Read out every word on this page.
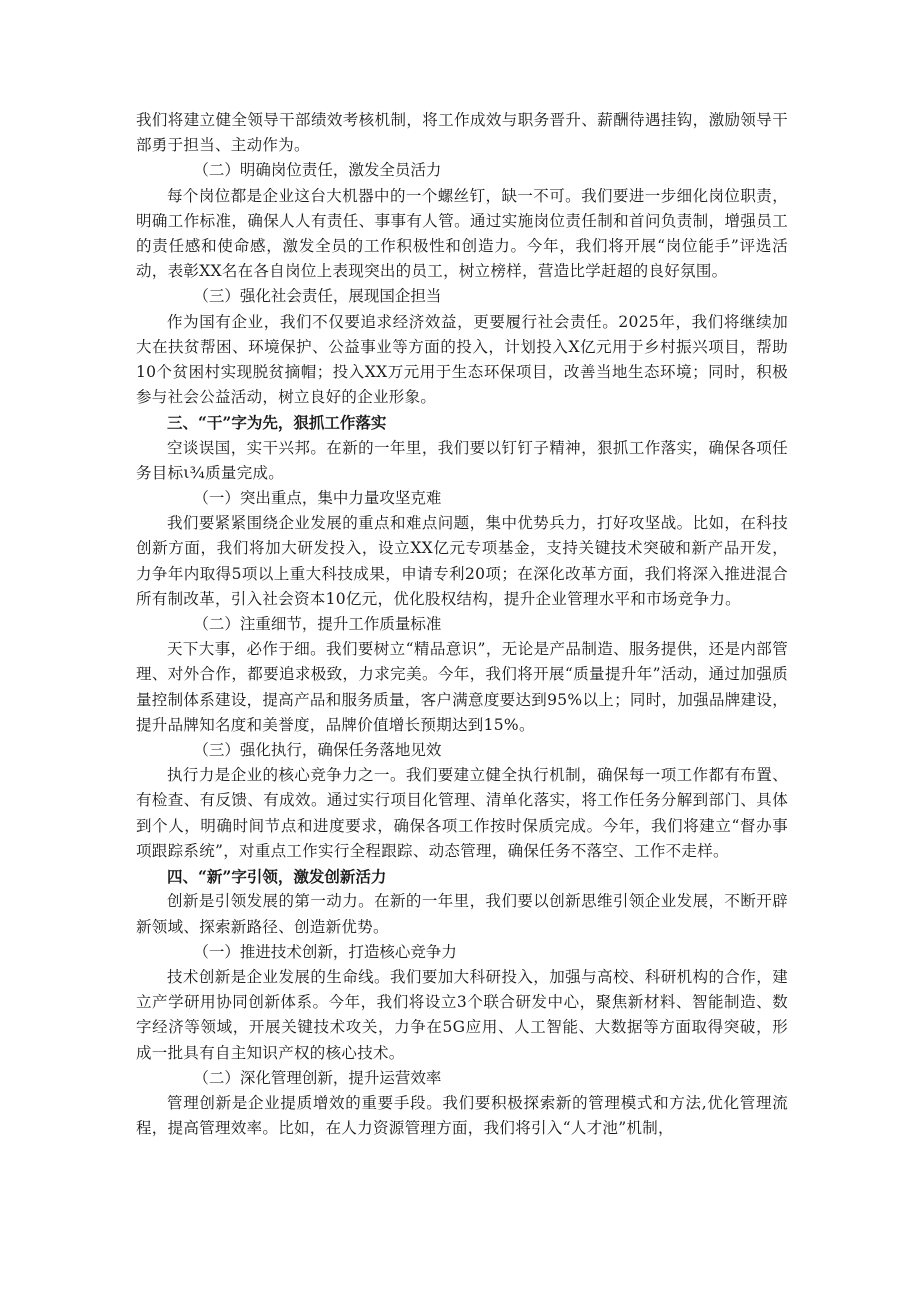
我们将建立健全领导干部绩效考核机制，将工作成效与职务晋升、薪酬待遇挂钩，激励领导干部勇于担当、主动作为。

（二）明确岗位责任，激发全员活力

每个岗位都是企业这台大机器中的一个螺丝钉，缺一不可。我们要进一步细化岗位职责，明确工作标准，确保人人有责任、事事有人管。通过实施岗位责任制和首问负责制，增强员工的责任感和使命感，激发全员的工作积极性和创造力。今年，我们将开展“岗位能手”评选活动，表彰XX名在各自岗位上表现突出的员工，树立榜样，营造比学赶超的良好氛围。

（三）强化社会责任，展现国企担当

作为国有企业，我们不仅要追求经济效益，更要履行社会责任。2025年，我们将继续加大在扶贫帮困、环境保护、公益事业等方面的投入，计划投入X亿元用于乡村振兴项目，帮助10个贫困村实现脱贫摘帽；投入XX万元用于生态环保项目，改善当地生态环境；同时，积极参与社会公益活动，树立良好的企业形象。

三、“干”字为先，狠抓工作落实

空谈误国，实干兴邦。在新的一年里，我们要以钉钉子精神，狠抓工作落实，确保各项任务目标ι¾质量完成。

（一）突出重点，集中力量攻坚克难

我们要紧紧围绕企业发展的重点和难点问题，集中优势兵力，打好攻坚战。比如，在科技创新方面，我们将加大研发投入，设立XX亿元专项基金，支持关键技术突破和新产品开发，力争年内取得5项以上重大科技成果，申请专利20项；在深化改革方面，我们将深入推进混合所有制改革，引入社会资本10亿元，优化股权结构，提升企业管理水平和市场竞争力。

（二）注重细节，提升工作质量标准

天下大事，必作于细。我们要树立“精品意识”，无论是产品制造、服务提供，还是内部管理、对外合作，都要追求极致，力求完美。今年，我们将开展“质量提升年”活动，通过加强质量控制体系建设，提高产品和服务质量，客户满意度要达到95%以上；同时，加强品牌建设，提升品牌知名度和美誉度，品牌价值增长预期达到15%。

（三）强化执行，确保任务落地见效

执行力是企业的核心竞争力之一。我们要建立健全执行机制，确保每一项工作都有布置、有检查、有反馈、有成效。通过实行项目化管理、清单化落实，将工作任务分解到部门、具体到个人，明确时间节点和进度要求，确保各项工作按时保质完成。今年，我们将建立“督办事项跟踪系统”，对重点工作实行全程跟踪、动态管理，确保任务不落空、工作不走样。

四、“新”字引领，激发创新活力

创新是引领发展的第一动力。在新的一年里，我们要以创新思维引领企业发展，不断开辟新领域、探索新路径、创造新优势。

（一）推进技术创新，打造核心竞争力

技术创新是企业发展的生命线。我们要加大科研投入，加强与高校、科研机构的合作，建立产学研用协同创新体系。今年，我们将设立3个联合研发中心，聚焦新材料、智能制造、数字经济等领域，开展关键技术攻关，力争在5G应用、人工智能、大数据等方面取得突破，形成一批具有自主知识产权的核心技术。

（二）深化管理创新，提升运营效率

管理创新是企业提质增效的重要手段。我们要积极探索新的管理模式和方法,优化管理流程，提高管理效率。比如，在人力资源管理方面，我们将引入“人才池”机制，
